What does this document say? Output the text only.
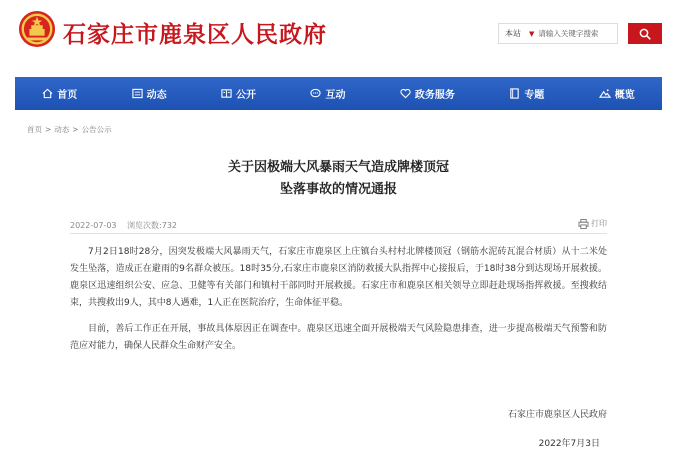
石家庄市鹿泉区人民政府	本站 ▼
请输入关键字搜索
首页	动态	公开	互动	政务服务	专题	概览
首页 > 动态 > 公告公示
关于因极端大风暴雨天气造成牌楼顶冠
坠落事故的情况通报
2022-07-03 浏览次数:732	打印

7月2日18时28分，因突发极端大风暴雨天气，石家庄市鹿泉区上庄镇台头村村北牌楼顶冠（钢筋水泥砖瓦混合材质）从十二米处发生坠落，造成正在避雨的9名群众被压。18时35分,石家庄市鹿泉区消防救援大队指挥中心接报后，于18时38分到达现场开展救援。鹿泉区迅速组织公安、应急、卫健等有关部门和镇村干部同时开展救援。石家庄市和鹿泉区相关领导立即赶赴现场指挥救援。至搜救结束，共搜救出9人，其中8人遇难，1人正在医院治疗，生命体征平稳。

目前，善后工作正在开展，事故具体原因正在调查中。鹿泉区迅速全面开展极端天气风险隐患排查，进一步提高极端天气预警和防范应对能力，确保人民群众生命财产安全。

石家庄市鹿泉区人民政府
2022年7月3日
